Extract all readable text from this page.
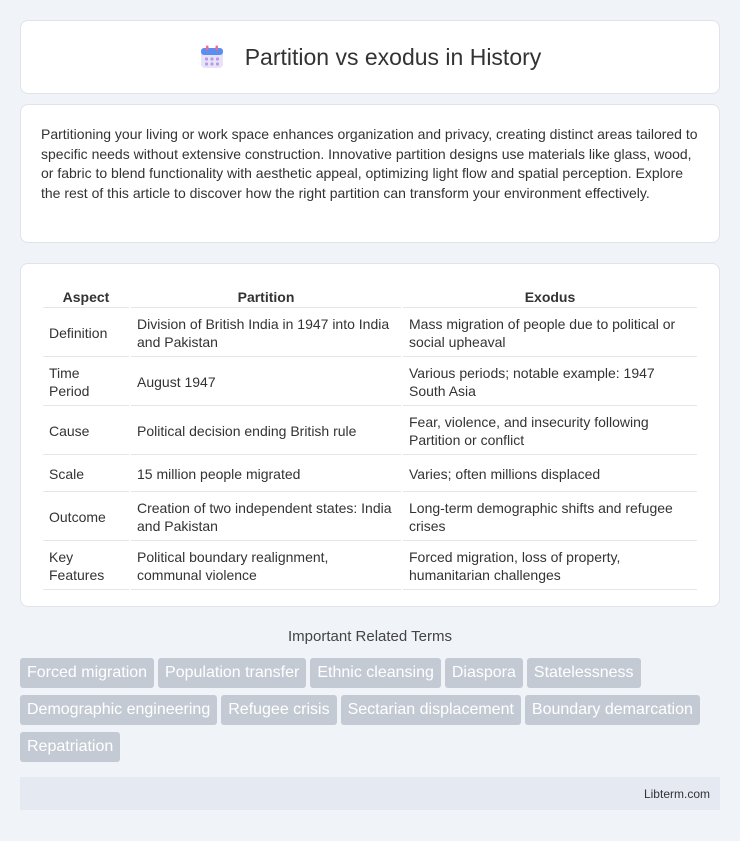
Partition vs exodus in History

Partitioning your living or work space enhances organization and privacy, creating distinct areas tailored to specific needs without extensive construction. Innovative partition designs use materials like glass, wood, or fabric to blend functionality with aesthetic appeal, optimizing light flow and spatial perception. Explore the rest of this article to discover how the right partition can transform your environment effectively.

Aspect	Partition	Exodus
Definition	Division of British India in 1947 into India and Pakistan	Mass migration of people due to political or social upheaval
Time Period	August 1947	Various periods; notable example: 1947 South Asia
Cause	Political decision ending British rule	Fear, violence, and insecurity following Partition or conflict
Scale	15 million people migrated	Varies; often millions displaced
Outcome	Creation of two independent states: India and Pakistan	Long-term demographic shifts and refugee crises
Key Features	Political boundary realignment, communal violence	Forced migration, loss of property, humanitarian challenges
Important Related Terms
Forced migration	Population transfer	Ethnic cleansing	Diaspora	Statelessness
Demographic engineering	Refugee crisis	Sectarian displacement	Boundary demarcation
Repatriation
Libterm.com
